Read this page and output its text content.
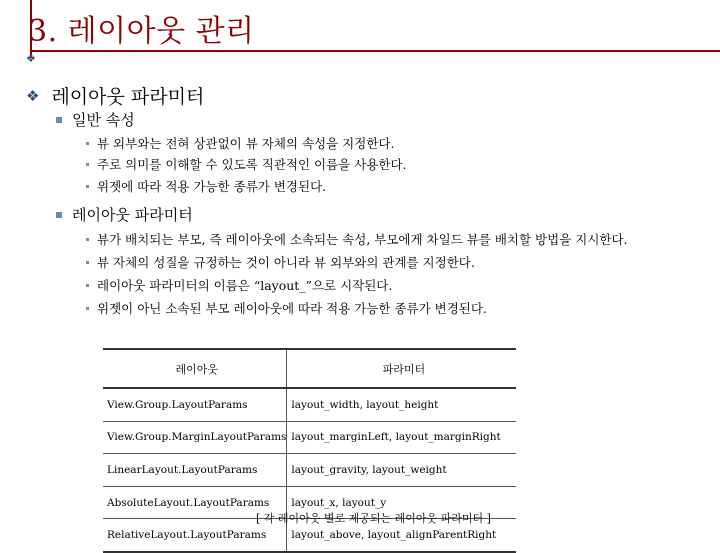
3. 레이아웃 관리
❖
❖ 레이아웃 파라미터
일반 속성
뷰 외부와는 전혀 상관없이 뷰 자체의 속성을 지정한다.
주로 의미를 이해할 수 있도록 직관적인 이름을 사용한다.
위젯에 따라 적용 가능한 종류가 변경된다.
레이아웃 파라미터
뷰가 배치되는 부모, 즉 레이아웃에 소속되는 속성, 부모에게 차일드 뷰를 배치할 방법을 지시한다.
뷰 자체의 성질을 규정하는 것이 아니라 뷰 외부와의 관계를 지정한다.
레이아웃 파라미터의 이름은 “layout_”으로 시작된다.
위젯이 아닌 소속된 부모 레이아웃에 따라 적용 가능한 종류가 변경된다.
레이아웃	파라미터
View.Group.LayoutParams	layout_width, layout_height
View.Group.MarginLayoutParams	layout_marginLeft, layout_marginRight
LinearLayout.LayoutParams	layout_gravity, layout_weight
AbsoluteLayout.LayoutParams	layout_x, layout_y
RelativeLayout.LayoutParams	layout_above, layout_alignParentRight
[ 각 레이아웃 별로 제공되는 레이아웃 파라미터 ]
